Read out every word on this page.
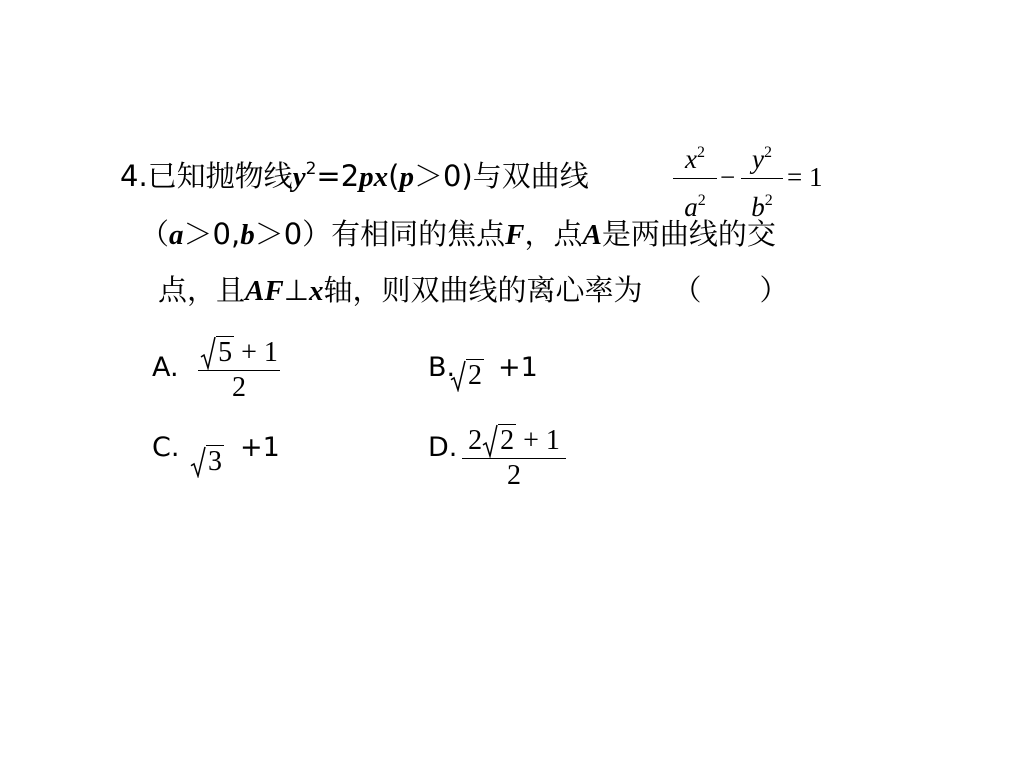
4.已知抛物线$y^2=2px(p>0)$与双曲线	$x^2$
$a^2$
−
$y^2$
$b^2$
= 1
（a＞0,b＞0）有相同的焦点F，点A是两曲线的交
点，且AF⊥x轴，则双曲线的离心率为 （　　）
A.	5 + 1
2
B. 2 +1
C.	3 +1	D. 2 2 + 1
2
